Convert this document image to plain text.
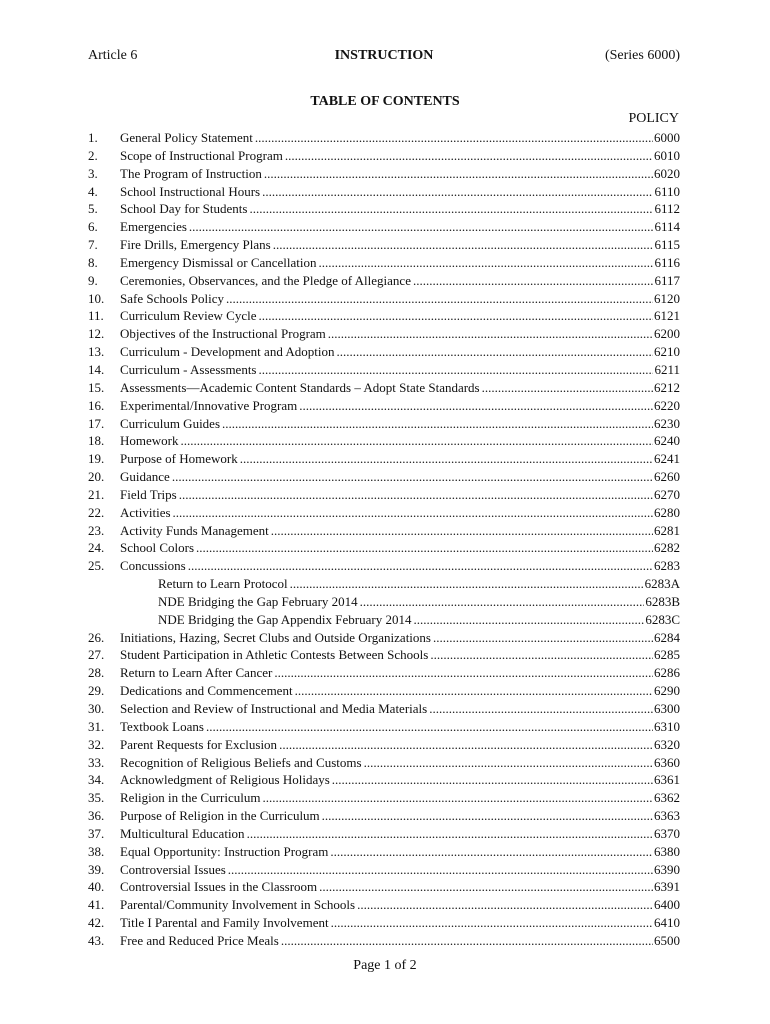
Article 6	INSTRUCTION	(Series 6000)
TABLE OF CONTENTS
POLICY
1.	General Policy Statement .....	6000
2.	Scope of Instructional Program .....	6010
3.	The Program of Instruction .....	6020
4.	School Instructional Hours .....	6110
5.	School Day for Students .....	6112
6.	Emergencies .....	6114
7.	Fire Drills, Emergency Plans .....	6115
8.	Emergency Dismissal or Cancellation .....	6116
9.	Ceremonies, Observances, and the Pledge of Allegiance .....	6117
10.	Safe Schools Policy .....	6120
11.	Curriculum Review Cycle .....	6121
12.	Objectives of the Instructional Program .....	6200
13.	Curriculum - Development and Adoption .....	6210
14.	Curriculum - Assessments .....	6211
15.	Assessments—Academic Content Standards – Adopt State Standards .....	6212
16.	Experimental/Innovative Program .....	6220
17.	Curriculum Guides .....	6230
18.	Homework .....	6240
19.	Purpose of Homework .....	6241
20.	Guidance .....	6260
21.	Field Trips .....	6270
22.	Activities .....	6280
23.	Activity Funds Management .....	6281
24.	School Colors .....	6282
25.	Concussions .....	6283
Return to Learn Protocol .....	6283A
NDE Bridging the Gap February 2014 .....	6283B
NDE Bridging the Gap Appendix February 2014 .....	6283C
26.	Initiations, Hazing, Secret Clubs and Outside Organizations .....	6284
27.	Student Participation in Athletic Contests Between Schools .....	6285
28.	Return to Learn After Cancer .....	6286
29.	Dedications and Commencement .....	6290
30.	Selection and Review of Instructional and Media Materials .....	6300
31.	Textbook Loans .....	6310
32.	Parent Requests for Exclusion .....	6320
33.	Recognition of Religious Beliefs and Customs .....	6360
34.	Acknowledgment of Religious Holidays .....	6361
35.	Religion in the Curriculum .....	6362
36.	Purpose of Religion in the Curriculum .....	6363
37.	Multicultural Education .....	6370
38.	Equal Opportunity: Instruction Program .....	6380
39.	Controversial Issues .....	6390
40.	Controversial Issues in the Classroom .....	6391
41.	Parental/Community Involvement in Schools .....	6400
42.	Title I Parental and Family Involvement .....	6410
43.	Free and Reduced Price Meals .....	6500
Page 1 of 2
